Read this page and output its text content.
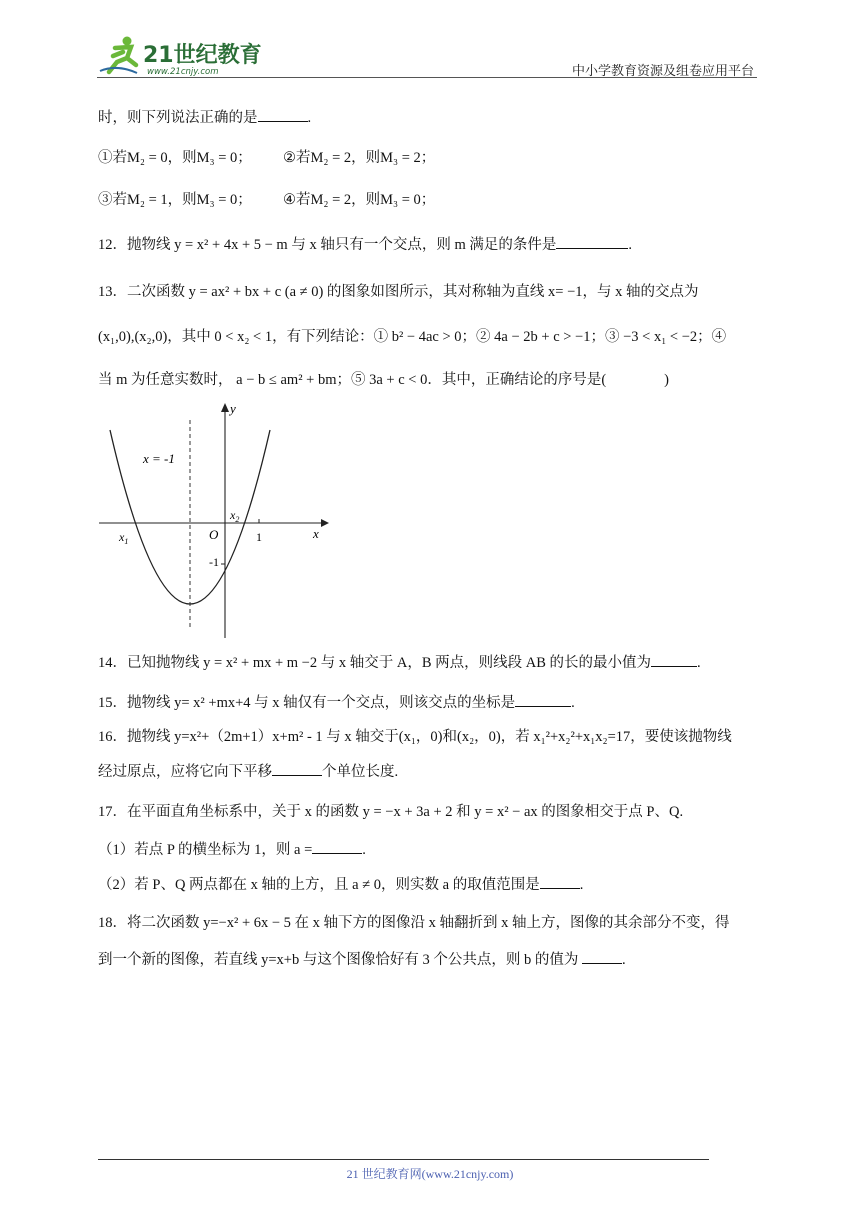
21世纪教育
www.21cnjy.com	中小学教育资源及组卷应用平台
时，则下列说法正确的是	.
①若M₂ = 0，则M₃ = 0； ②若M₂ = 2，则M₃ = 2；
③若M₂ = 1，则M₃ = 0； ④若M₂ = 2，则M₃ = 0；
12．抛物线 y = x² + 4x + 5 − m 与 x 轴只有一个交点，则 m 满足的条件是	.
13．二次函数 y = ax² + bx + c (a ≠ 0) 的图象如图所示，其对称轴为直线 x= −1，与 x 轴的交点为
(x₁,0),(x₂,0)，其中 0 < x₂ < 1，有下列结论：① b² − 4ac > 0；② 4a − 2b + c > −1；③ −3 < x₁ < −2；④
当 m 为任意实数时， a − b ≤ am² + bm；⑤ 3a + c < 0．其中，正确结论的序号是(　　　　)
y
x
x = -1
O
$x_1$
$x_2$
1
-1
14．已知抛物线 y = x² + mx + m −2 与 x 轴交于 A，B 两点，则线段 AB 的长的最小值为	.
15．抛物线 y= x² +mx+4 与 x 轴仅有一个交点，则该交点的坐标是	.
16．抛物线 y=x²+（2m+1）x+m² - 1 与 x 轴交于(x₁，0)和(x₂，0)，若 x₁²+x₂²+x₁x₂=17，要使该抛物线
经过原点，应将它向下平移	个单位长度.
17．在平面直角坐标系中，关于 x 的函数 y = −x + 3a + 2 和 y = x² − ax 的图象相交于点 P、Q.
（1）若点 P 的横坐标为 1，则 a =	.
（2）若 P、Q 两点都在 x 轴的上方，且 a ≠ 0，则实数 a 的取值范围是	.
18．将二次函数 y=−x² + 6x − 5 在 x 轴下方的图像沿 x 轴翻折到 x 轴上方，图像的其余部分不变，得
到一个新的图像，若直线 y=x+b 与这个图像恰好有 3 个公共点，则 b 的值为	.
21 世纪教育网(www.21cnjy.com)
